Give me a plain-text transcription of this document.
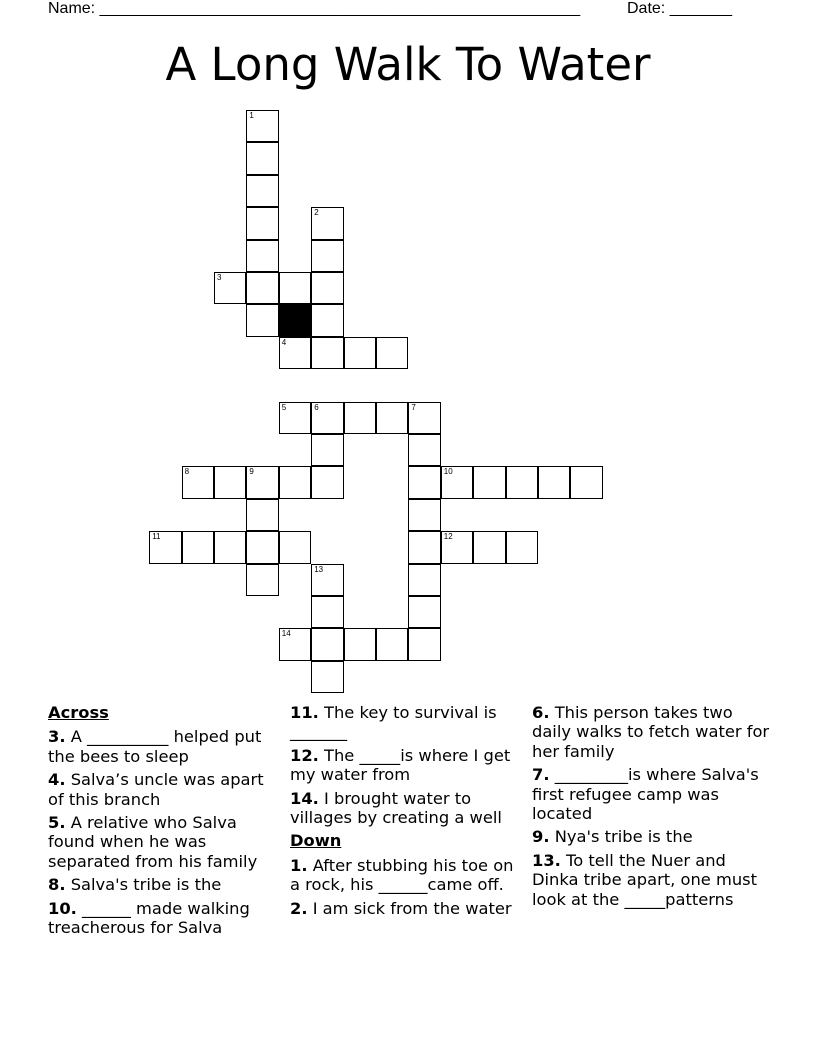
Name: ______________________________________________________	Date: _______
A Long Walk To Water
1
2
3
4
5	6	7
8	9	10
11	12
13
14
Across
3. A __________ helped put the bees to sleep
4. Salva’s uncle was apart of this branch
5. A relative who Salva found when he was separated from his family
8. Salva's tribe is the
10. ______ made walking treacherous for Salva
11. The key to survival is _______
12. The _____is where I get my water from
14. I brought water to villages by creating a well
Down
1. After stubbing his toe on a rock, his ______came off.
2. I am sick from the water
6. This person takes two daily walks to fetch water for her family
7. _________is where Salva's first refugee camp was located
9. Nya's tribe is the
13. To tell the Nuer and Dinka tribe apart, one must look at the _____patterns
